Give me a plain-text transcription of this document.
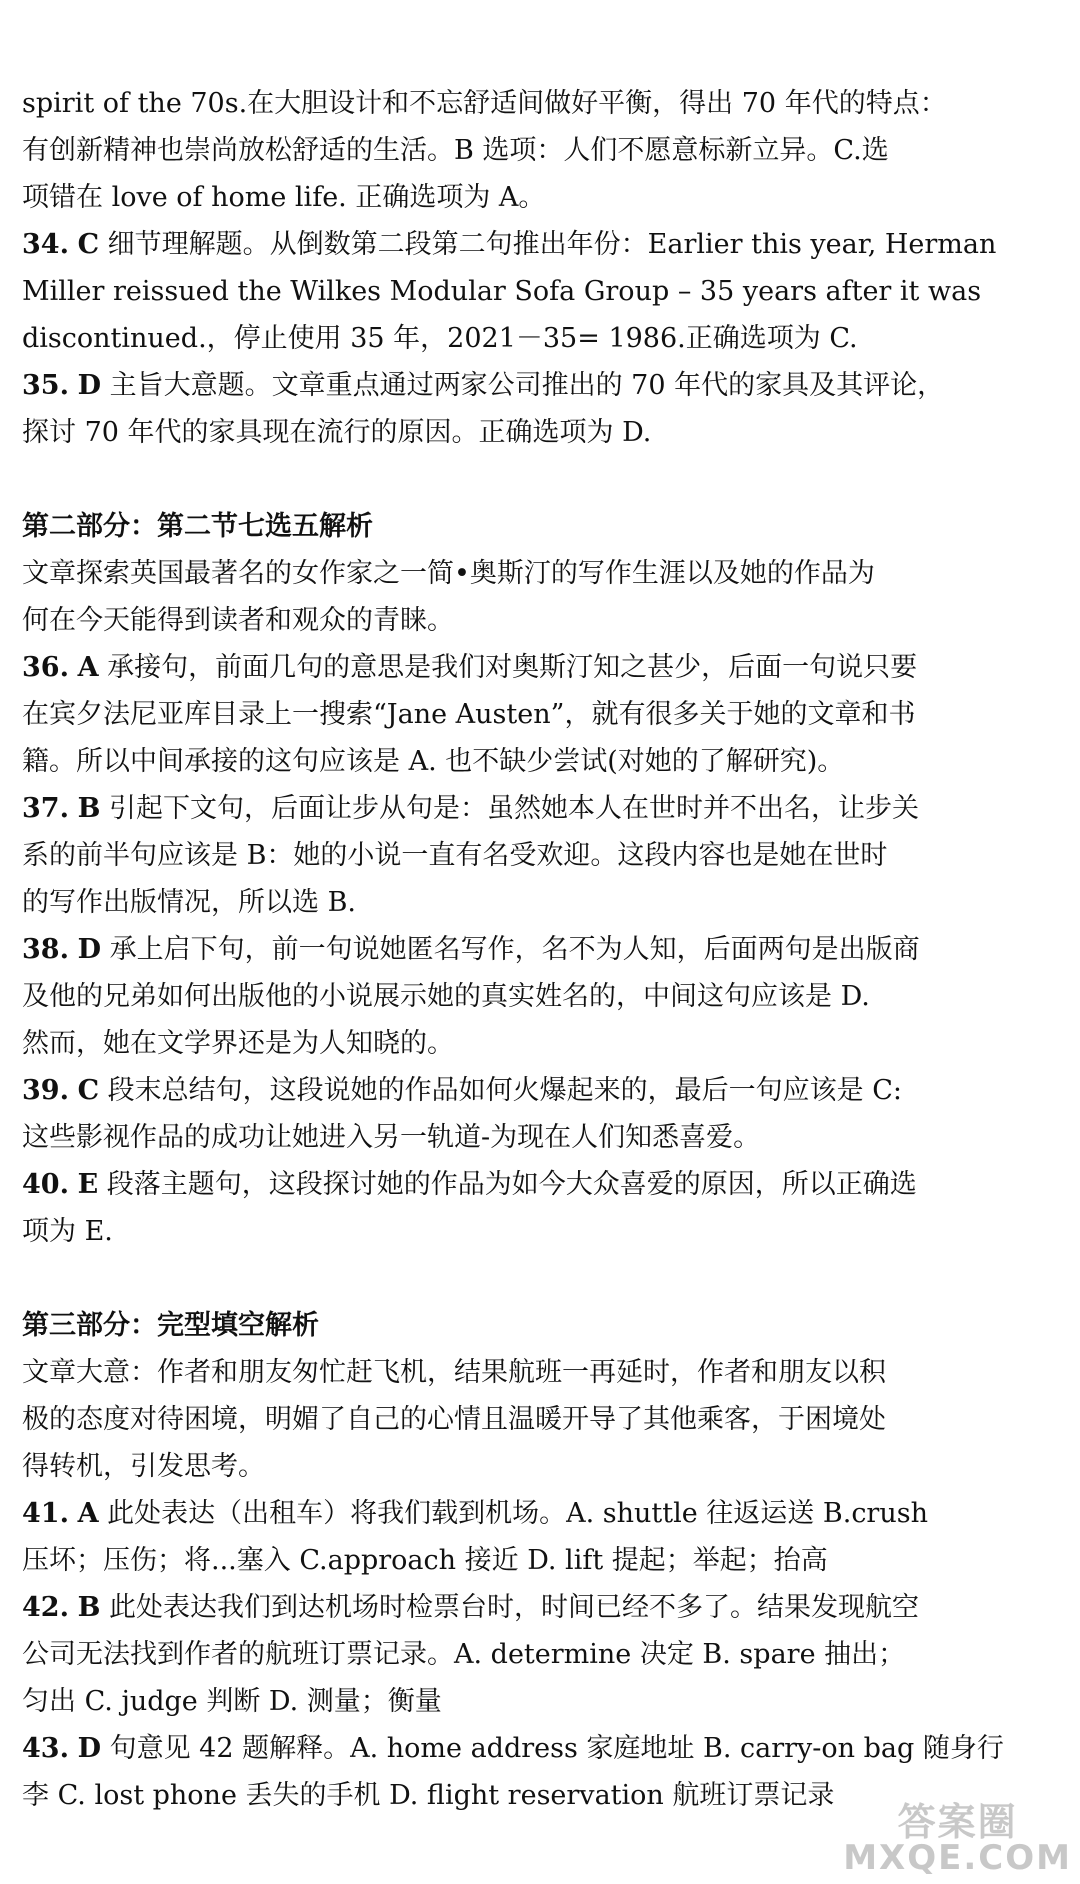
spirit of the 70s.在大胆设计和不忘舒适间做好平衡，得出 70 年代的特点：

有创新精神也崇尚放松舒适的生活。B 选项：人们不愿意标新立异。C.选

项错在 love of home life. 正确选项为 A。

34. C 细节理解题。从倒数第二段第二句推出年份：Earlier this year, Herman

Miller reissued the Wilkes Modular Sofa Group – 35 years after it was

discontinued.，停止使用 35 年，2021－35= 1986.正确选项为 C.

35. D 主旨大意题。文章重点通过两家公司推出的 70 年代的家具及其评论，

探讨 70 年代的家具现在流行的原因。正确选项为 D.

第二部分：第二节七选五解析

文章探索英国最著名的女作家之一简•奥斯汀的写作生涯以及她的作品为

何在今天能得到读者和观众的青睐。

36. A 承接句，前面几句的意思是我们对奥斯汀知之甚少，后面一句说只要

在宾夕法尼亚库目录上一搜索“Jane Austen”，就有很多关于她的文章和书

籍。所以中间承接的这句应该是 A. 也不缺少尝试(对她的了解研究)。

37. B 引起下文句，后面让步从句是：虽然她本人在世时并不出名，让步关

系的前半句应该是 B：她的小说一直有名受欢迎。这段内容也是她在世时

的写作出版情况，所以选 B.

38. D 承上启下句，前一句说她匿名写作，名不为人知，后面两句是出版商

及他的兄弟如何出版他的小说展示她的真实姓名的，中间这句应该是 D.

然而，她在文学界还是为人知晓的。

39. C 段末总结句，这段说她的作品如何火爆起来的，最后一句应该是 C:

这些影视作品的成功让她进入另一轨道-为现在人们知悉喜爱。

40. E 段落主题句，这段探讨她的作品为如今大众喜爱的原因，所以正确选

项为 E.

第三部分：完型填空解析

文章大意：作者和朋友匆忙赶飞机，结果航班一再延时，作者和朋友以积

极的态度对待困境，明媚了自己的心情且温暖开导了其他乘客，于困境处

得转机，引发思考。

41. A 此处表达（出租车）将我们载到机场。A. shuttle 往返运送 B.crush

压坏；压伤；将...塞入 C.approach 接近 D. lift 提起；举起；抬高

42. B 此处表达我们到达机场时检票台时，时间已经不多了。结果发现航空

公司无法找到作者的航班订票记录。A. determine 决定 B. spare 抽出；

匀出 C. judge 判断 D. 测量；衡量

43. D 句意见 42 题解释。A. home address 家庭地址 B. carry-on bag 随身行

李 C. lost phone 丢失的手机 D. flight reservation 航班订票记录

答案圈
MXQE.COM
